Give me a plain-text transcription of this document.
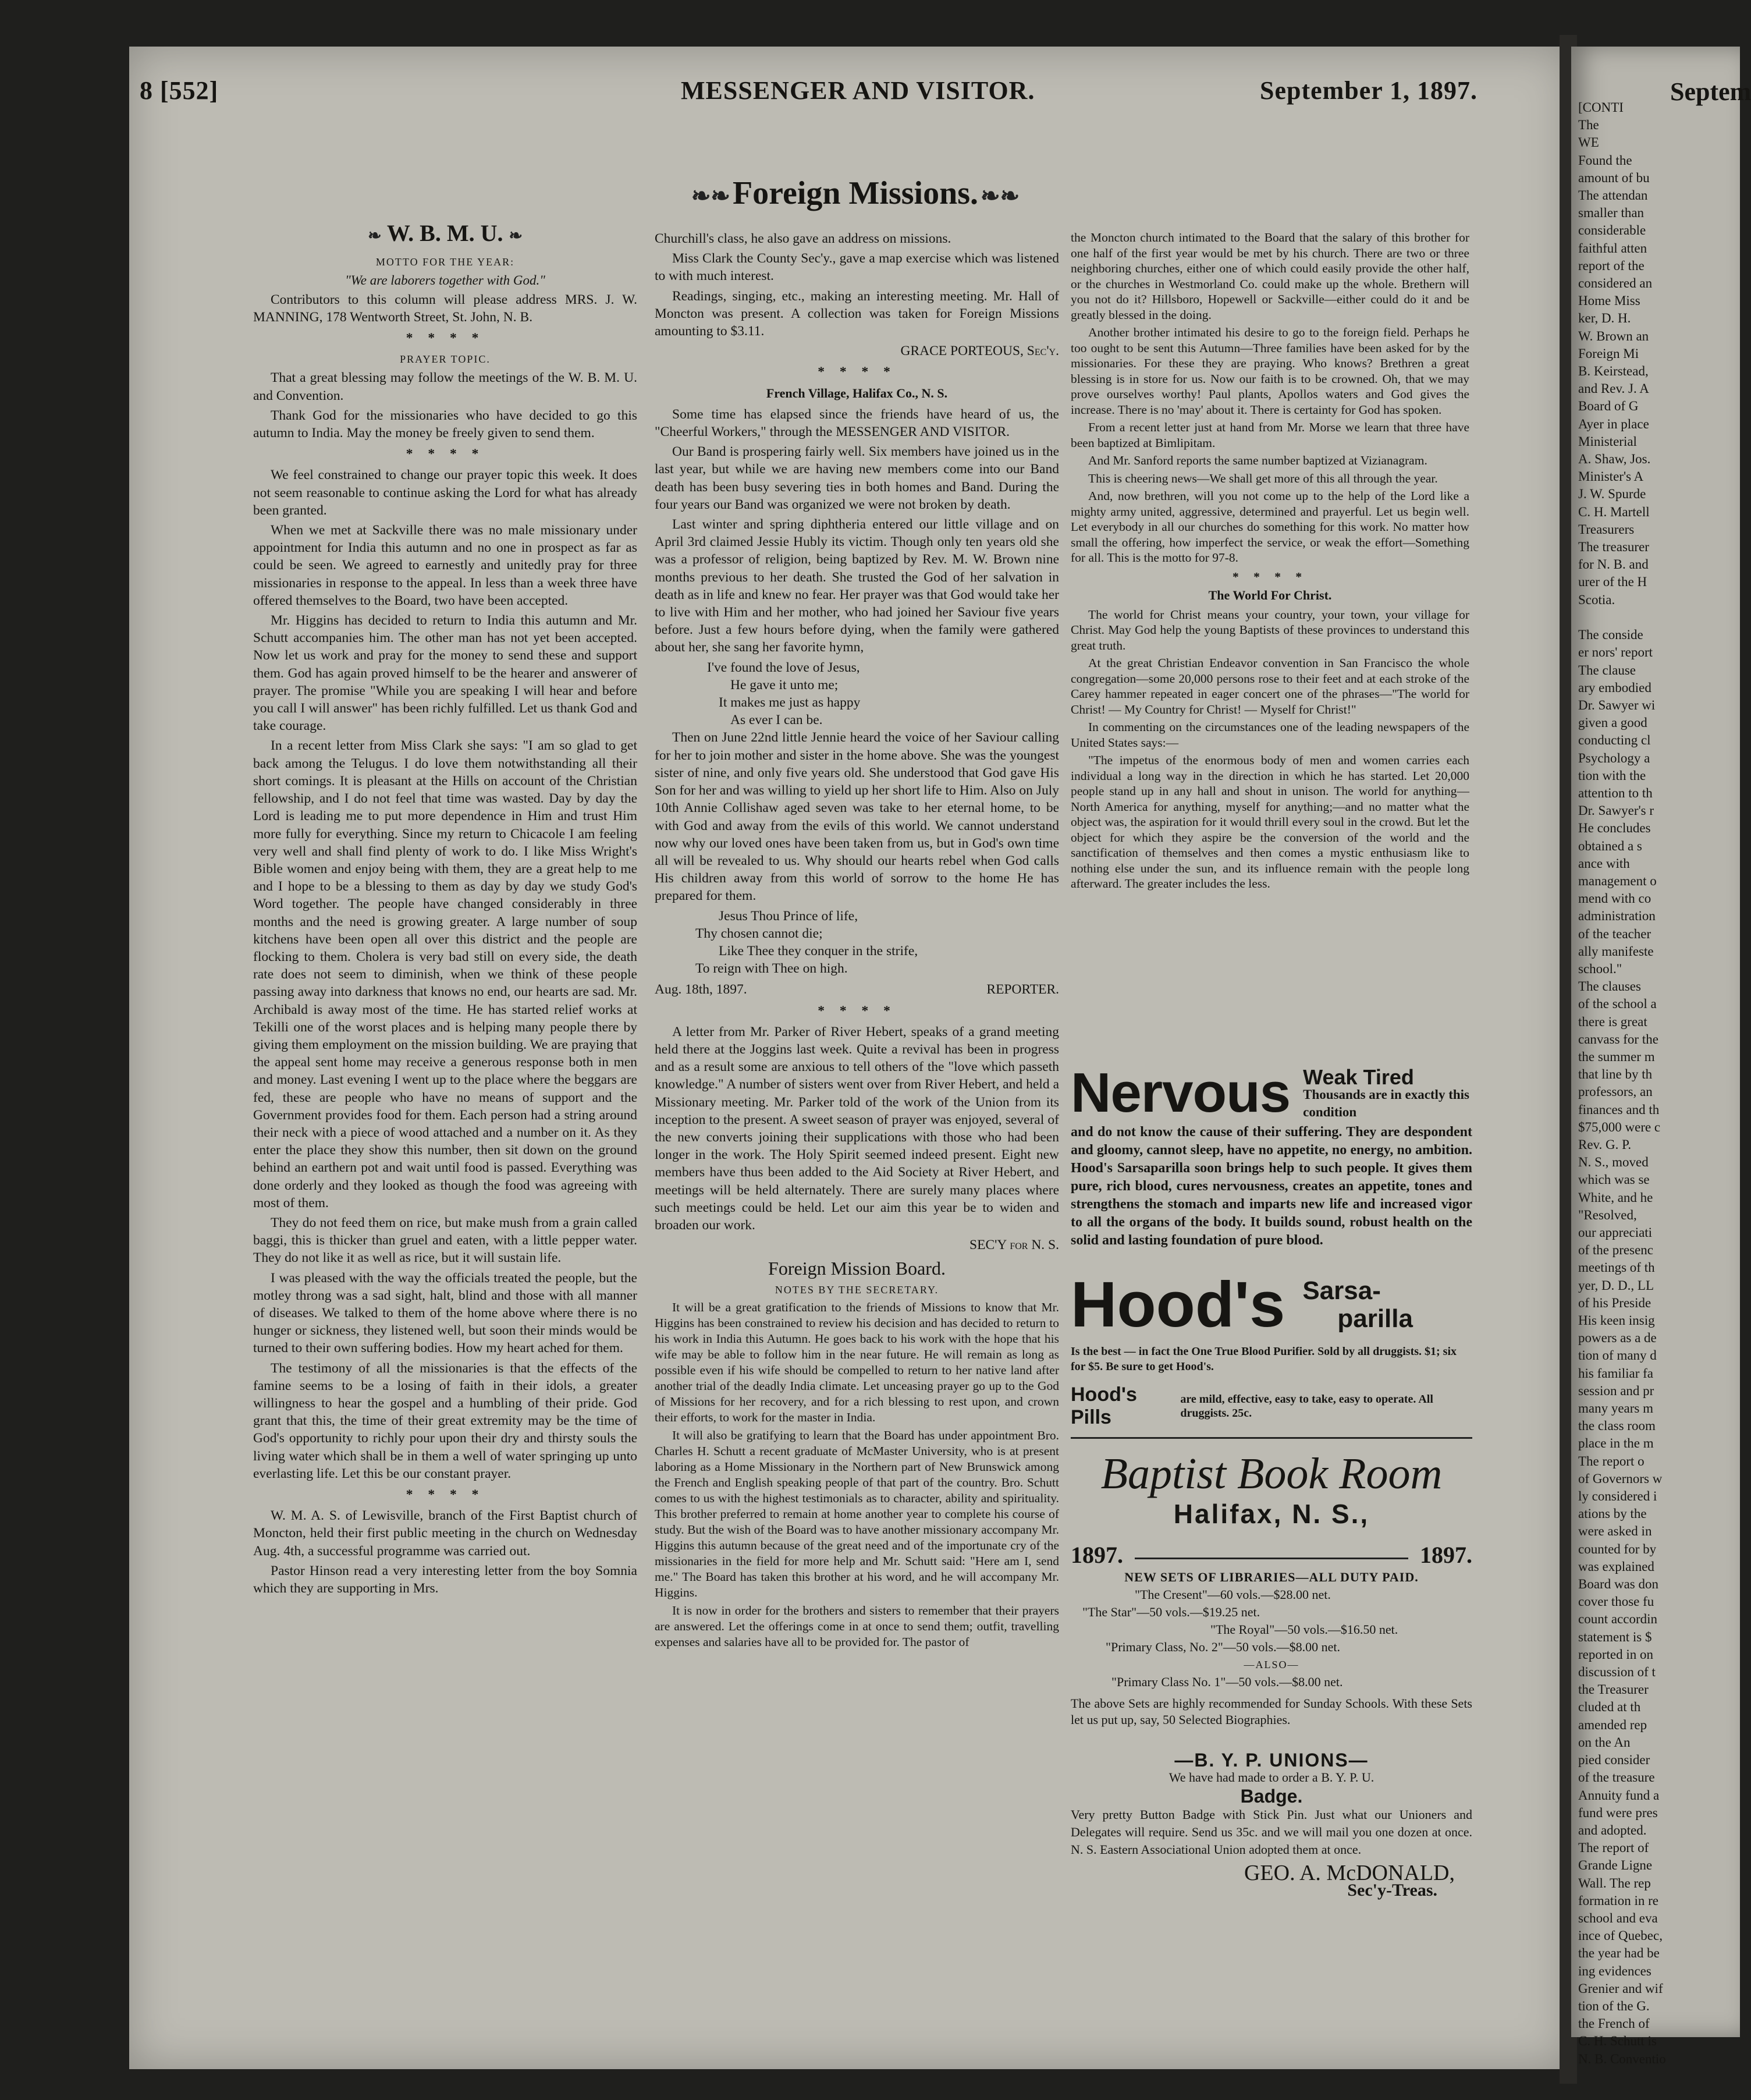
8 [552]	MESSENGER AND VISITOR.	September 1, 1897.
❧❧ Foreign Missions. ❧❧
❧ W. B. M. U. ❧

MOTTO FOR THE YEAR:

"We are laborers together with God."

Contributors to this column will please address MRS. J. W. MANNING, 178 Wentworth Street, St. John, N. B.

* * * *

PRAYER TOPIC.

That a great blessing may follow the meetings of the W. B. M. U. and Convention.

Thank God for the missionaries who have decided to go this autumn to India. May the money be freely given to send them.

* * * *

We feel constrained to change our prayer topic this week. It does not seem reasonable to continue asking the Lord for what has already been granted.

When we met at Sackville there was no male missionary under appointment for India this autumn and no one in prospect as far as could be seen. We agreed to earnestly and unitedly pray for three missionaries in response to the appeal. In less than a week three have offered themselves to the Board, two have been accepted.

Mr. Higgins has decided to return to India this autumn and Mr. Schutt accompanies him. The other man has not yet been accepted. Now let us work and pray for the money to send these and support them. God has again proved himself to be the hearer and answerer of prayer. The promise "While you are speaking I will hear and before you call I will answer" has been richly fulfilled. Let us thank God and take courage.

In a recent letter from Miss Clark she says: "I am so glad to get back among the Telugus. I do love them notwithstanding all their short comings. It is pleasant at the Hills on account of the Christian fellowship, and I do not feel that time was wasted. Day by day the Lord is leading me to put more dependence in Him and trust Him more fully for everything. Since my return to Chicacole I am feeling very well and shall find plenty of work to do. I like Miss Wright's Bible women and enjoy being with them, they are a great help to me and I hope to be a blessing to them as day by day we study God's Word together. The people have changed considerably in three months and the need is growing greater. A large number of soup kitchens have been open all over this district and the people are flocking to them. Cholera is very bad still on every side, the death rate does not seem to diminish, when we think of these people passing away into darkness that knows no end, our hearts are sad. Mr. Archibald is away most of the time. He has started relief works at Tekilli one of the worst places and is helping many people there by giving them employment on the mission building. We are praying that the appeal sent home may receive a generous response both in men and money. Last evening I went up to the place where the beggars are fed, these are people who have no means of support and the Government provides food for them. Each person had a string around their neck with a piece of wood attached and a number on it. As they enter the place they show this number, then sit down on the ground behind an earthern pot and wait until food is passed. Everything was done orderly and they looked as though the food was agreeing with most of them.

They do not feed them on rice, but make mush from a grain called baggi, this is thicker than gruel and eaten, with a little pepper water. They do not like it as well as rice, but it will sustain life.

I was pleased with the way the officials treated the people, but the motley throng was a sad sight, halt, blind and those with all manner of diseases. We talked to them of the home above where there is no hunger or sickness, they listened well, but soon their minds would be turned to their own suffering bodies. How my heart ached for them.

The testimony of all the missionaries is that the effects of the famine seems to be a losing of faith in their idols, a greater willingness to hear the gospel and a humbling of their pride. God grant that this, the time of their great extremity may be the time of God's opportunity to richly pour upon their dry and thirsty souls the living water which shall be in them a well of water springing up unto everlasting life. Let this be our constant prayer.

* * * *

W. M. A. S. of Lewisville, branch of the First Baptist church of Moncton, held their first public meeting in the church on Wednesday Aug. 4th, a successful programme was carried out.

Pastor Hinson read a very interesting letter from the boy Somnia which they are supporting in Mrs.

Churchill's class, he also gave an address on missions.

Miss Clark the County Sec'y., gave a map exercise which was listened to with much interest.

Readings, singing, etc., making an interesting meeting. Mr. Hall of Moncton was present. A collection was taken for Foreign Missions amounting to $3.11.

GRACE PORTEOUS, Sec'y.

* * * *

French Village, Halifax Co., N. S.

Some time has elapsed since the friends have heard of us, the "Cheerful Workers," through the MESSENGER AND VISITOR.

Our Band is prospering fairly well. Six members have joined us in the last year, but while we are having new members come into our Band death has been busy severing ties in both homes and Band. During the four years our Band was organized we were not broken by death.

Last winter and spring diphtheria entered our little village and on April 3rd claimed Jessie Hubly its victim. Though only ten years old she was a professor of religion, being baptized by Rev. M. W. Brown nine months previous to her death. She trusted the God of her salvation in death as in life and knew no fear. Her prayer was that God would take her to live with Him and her mother, who had joined her Saviour five years before. Just a few hours before dying, when the family were gathered about her, she sang her favorite hymn,

I've found the love of Jesus,

He gave it unto me;

It makes me just as happy

As ever I can be.

Then on June 22nd little Jennie heard the voice of her Saviour calling for her to join mother and sister in the home above. She was the youngest sister of nine, and only five years old. She understood that God gave His Son for her and was willing to yield up her short life to Him. Also on July 10th Annie Collishaw aged seven was take to her eternal home, to be with God and away from the evils of this world. We cannot understand now why our loved ones have been taken from us, but in God's own time all will be revealed to us. Why should our hearts rebel when God calls His children away from this world of sorrow to the home He has prepared for them.

Jesus Thou Prince of life,

Thy chosen cannot die;

Like Thee they conquer in the strife,

To reign with Thee on high.

Aug. 18th, 1897.	REPORTER.

* * * *

A letter from Mr. Parker of River Hebert, speaks of a grand meeting held there at the Joggins last week. Quite a revival has been in progress and as a result some are anxious to tell others of the "love which passeth knowledge." A number of sisters went over from River Hebert, and held a Missionary meeting. Mr. Parker told of the work of the Union from its inception to the present. A sweet season of prayer was enjoyed, several of the new converts joining their supplications with those who had been longer in the work. The Holy Spirit seemed indeed present. Eight new members have thus been added to the Aid Society at River Hebert, and meetings will be held alternately. There are surely many places where such meetings could be held. Let our aim this year be to widen and broaden our work.

SEC'Y for N. S.

Foreign Mission Board.

NOTES BY THE SECRETARY.

It will be a great gratification to the friends of Missions to know that Mr. Higgins has been constrained to review his decision and has decided to return to his work in India this Autumn. He goes back to his work with the hope that his wife may be able to follow him in the near future. He will remain as long as possible even if his wife should be compelled to return to her native land after another trial of the deadly India climate. Let unceasing prayer go up to the God of Missions for her recovery, and for a rich blessing to rest upon, and crown their efforts, to work for the master in India.

It will also be gratifying to learn that the Board has under appointment Bro. Charles H. Schutt a recent graduate of McMaster University, who is at present laboring as a Home Missionary in the Northern part of New Brunswick among the French and English speaking people of that part of the country. Bro. Schutt comes to us with the highest testimonials as to character, ability and spirituality. This brother preferred to remain at home another year to complete his course of study. But the wish of the Board was to have another missionary accompany Mr. Higgins this autumn because of the great need and of the importunate cry of the missionaries in the field for more help and Mr. Schutt said: "Here am I, send me." The Board has taken this brother at his word, and he will accompany Mr. Higgins.

It is now in order for the brothers and sisters to remember that their prayers are answered. Let the offerings come in at once to send them; outfit, travelling expenses and salaries have all to be provided for. The pastor of

the Moncton church intimated to the Board that the salary of this brother for one half of the first year would be met by his church. There are two or three neighboring churches, either one of which could easily provide the other half, or the churches in Westmorland Co. could make up the whole. Brethern will you not do it? Hillsboro, Hopewell or Sackville—either could do it and be greatly blessed in the doing.

Another brother intimated his desire to go to the foreign field. Perhaps he too ought to be sent this Autumn—Three families have been asked for by the missionaries. For these they are praying. Who knows? Brethren a great blessing is in store for us. Now our faith is to be crowned. Oh, that we may prove ourselves worthy! Paul plants, Apollos waters and God gives the increase. There is no 'may' about it. There is certainty for God has spoken.

From a recent letter just at hand from Mr. Morse we learn that three have been baptized at Bimlipitam.

And Mr. Sanford reports the same number baptized at Vizianagram.

This is cheering news—We shall get more of this all through the year.

And, now brethren, will you not come up to the help of the Lord like a mighty army united, aggressive, determined and prayerful. Let us begin well. Let everybody in all our churches do something for this work. No matter how small the offering, how imperfect the service, or weak the effort—Something for all. This is the motto for 97-8.

* * * *

The World For Christ.

The world for Christ means your country, your town, your village for Christ. May God help the young Baptists of these provinces to understand this great truth.

At the great Christian Endeavor convention in San Francisco the whole congregation—some 20,000 persons rose to their feet and at each stroke of the Carey hammer repeated in eager concert one of the phrases—"The world for Christ! — My Country for Christ! — Myself for Christ!"

In commenting on the circumstances one of the leading newspapers of the United States says:—

"The impetus of the enormous body of men and women carries each individual a long way in the direction in which he has started. Let 20,000 people stand up in any hall and shout in unison. The world for anything—North America for anything, myself for anything;—and no matter what the object was, the aspiration for it would thrill every soul in the crowd. But let the object for which they aspire be the conversion of the world and the sanctification of themselves and then comes a mystic enthusiasm like to nothing else under the sun, and its influence remain with the people long afterward. The greater includes the less.

Nervous Weak Tired
Thousands are in exactly this condition
and do not know the cause of their suffering. They are despondent and gloomy, cannot sleep, have no appetite, no energy, no ambition. Hood's Sarsaparilla soon brings help to such people. It gives them pure, rich blood, cures nervousness, creates an appetite, tones and strengthens the stomach and imparts new life and increased vigor to all the organs of the body. It builds sound, robust health on the solid and lasting foundation of pure blood.
Hood's Sarsa-
parilla
Is the best — in fact the One True Blood Purifier. Sold by all druggists. $1; six for $5. Be sure to get Hood's.
Hood's Pills
are mild, effective, easy to take, easy to operate. All druggists. 25c.
Baptist Book Room
Halifax, N. S.,
1897.	1897.
NEW SETS OF LIBRARIES—ALL DUTY PAID.
"The Cresent"—60 vols.—$28.00 net.
"The Star"—50 vols.—$19.25 net.
"The Royal"—50 vols.—$16.50 net.
"Primary Class, No. 2"—50 vols.—$8.00 net.
—ALSO—
"Primary Class No. 1"—50 vols.—$8.00 net.
The above Sets are highly recommended for Sunday Schools. With these Sets let us put up, say, 50 Selected Biographies.
—B. Y. P. UNIONS—
We have had made to order a B. Y. P. U.
Badge.
Very pretty Button Badge with Stick Pin. Just what our Unioners and Delegates will require. Send us 35c. and we will mail you one dozen at once. N. S. Eastern Associational Union adopted them at once.
GEO. A. McDONALD,
Sec'y-Treas.
Septem
[CONTI
The
WE
Found the
amount of bu
The attendan
smaller than
considerable
faithful atten
report of the
considered an
Home Miss
ker, D. H.
W. Brown an
Foreign Mi
B. Keirstead,
and Rev. J. A
Board of G
Ayer in place
Ministerial
A. Shaw, Jos.
Minister's A
J. W. Spurde
C. H. Martell
Treasurers
The treasurer
for N. B. and
urer of the H
Scotia.

The conside
er nors' report
The clause
ary embodied
Dr. Sawyer wi
given a good
conducting cl
Psychology a
tion with the
attention to th
Dr. Sawyer's r
He concludes
obtained a s
ance with
management o
mend with co
administration
of the teacher
ally manifeste
school."
The clauses
of the school a
there is great
canvass for the
the summer m
that line by th
professors, an
finances and th
$75,000 were c
Rev. G. P.
N. S., moved
which was se
White, and he
"Resolved,
our appreciati
of the presenc
meetings of th
yer, D. D., LL
of his Preside
His keen insig
powers as a de
tion of many d
his familiar fa
session and pr
many years m
the class room
place in the m
The report o
of Governors w
ly considered i
ations by the
were asked in
counted for by
was explained
Board was don
cover those fu
count accordin
statement is $
reported in on
discussion of t
the Treasurer
cluded at th
amended rep
on the An
pied consider
of the treasure
Annuity fund a
fund were pres
and adopted.
The report of
Grande Ligne
Wall. The rep
formation in re
school and eva
ince of Quebec,
the year had be
ing evidences
Grenier and wif
tion of the G.
the French of
C. H. Schutt is
N. B. Conventio
